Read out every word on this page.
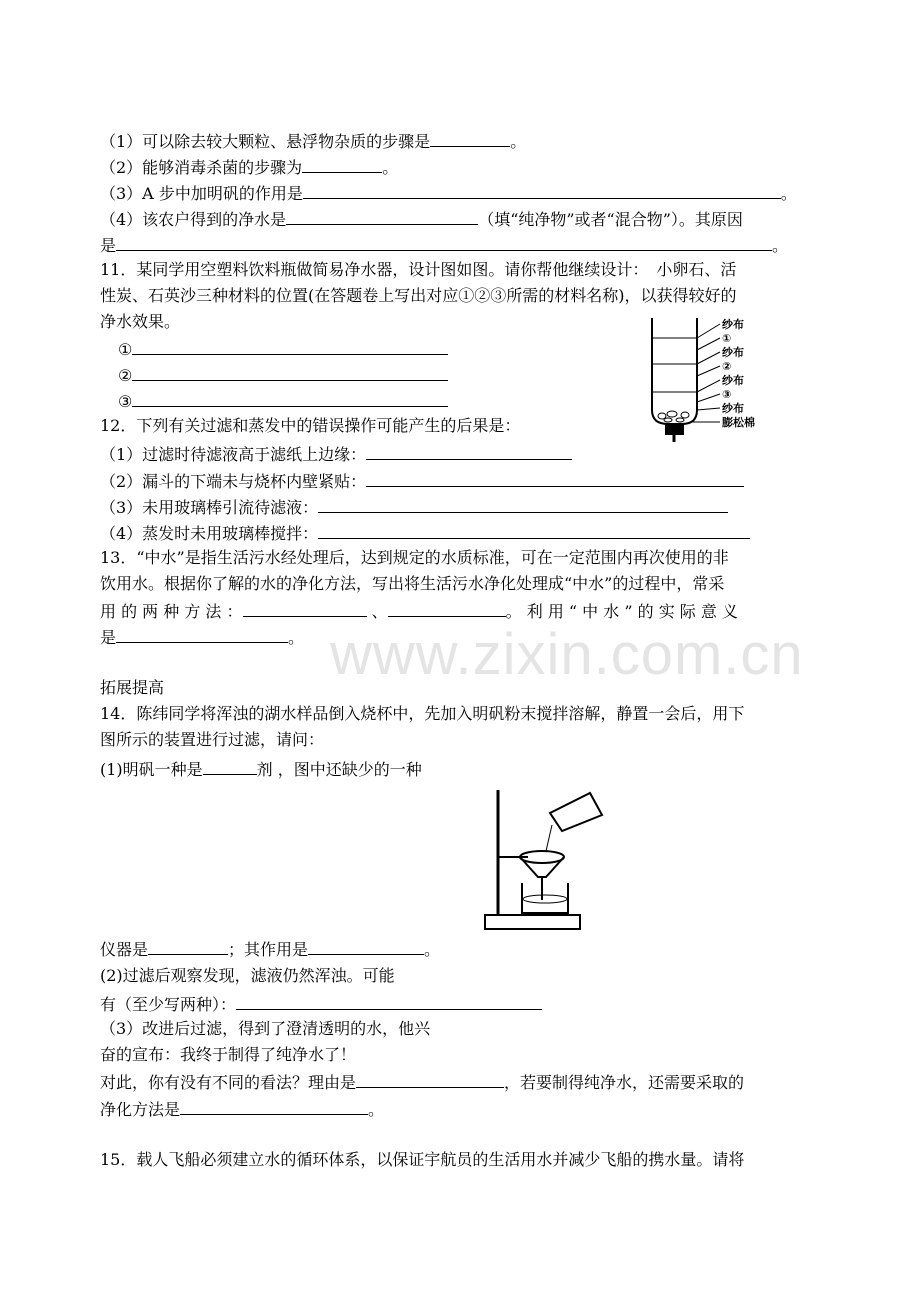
www.zixin.com.cn
（1）可以除去较大颗粒、悬浮物杂质的步骤是	。
（2）能够消毒杀菌的步骤为	。
（3）A 步中加明矾的作用是	。
（4）该农户得到的净水是	（填“纯净物”或者“混合物”）。其原因
是	。
11．某同学用空塑料饮料瓶做简易净水器，设计图如图。请你帮他继续设计：　小卵石、活
性炭、石英沙三种材料的位置(在答题卷上写出对应①②③所需的材料名称)，以获得较好的
净水效果。
①
②
③
纱布
①
纱布
②
纱布
③
纱布
膨松棉
12．下列有关过滤和蒸发中的错误操作可能产生的后果是：
（1）过滤时待滤液高于滤纸上边缘：
（2）漏斗的下端未与烧杯内壁紧贴：
（3）未用玻璃棒引流待滤液：
（4）蒸发时未用玻璃棒搅拌：
13．“中水”是指生活污水经处理后，达到规定的水质标准，可在一定范围内再次使用的非
饮用水。根据你了解的水的净化方法，写出将生活污水净化处理成“中水”的过程中，常采
用 的 两 种 方 法 ：	、	。 利 用 “ 中 水 ” 的 实 际 意 义
是	。
拓展提高
14．陈纬同学将浑浊的湖水样品倒入烧杯中，先加入明矾粉末搅拌溶解，静置一会后，用下
图所示的装置进行过滤，请问：
(1)明矾一种是	剂 ，图中还缺少的一种
仪器是	；其作用是	。
(2)过滤后观察发现，滤液仍然浑浊。可能
有（至少写两种）：
（3）改进后过滤，得到了澄清透明的水，他兴
奋的宣布：我终于制得了纯净水了！
对此，你有没有不同的看法？理由是	，若要制得纯净水，还需要采取的
净化方法是	。
15．载人飞船必须建立水的循环体系，以保证宇航员的生活用水并减少飞船的携水量。请将
